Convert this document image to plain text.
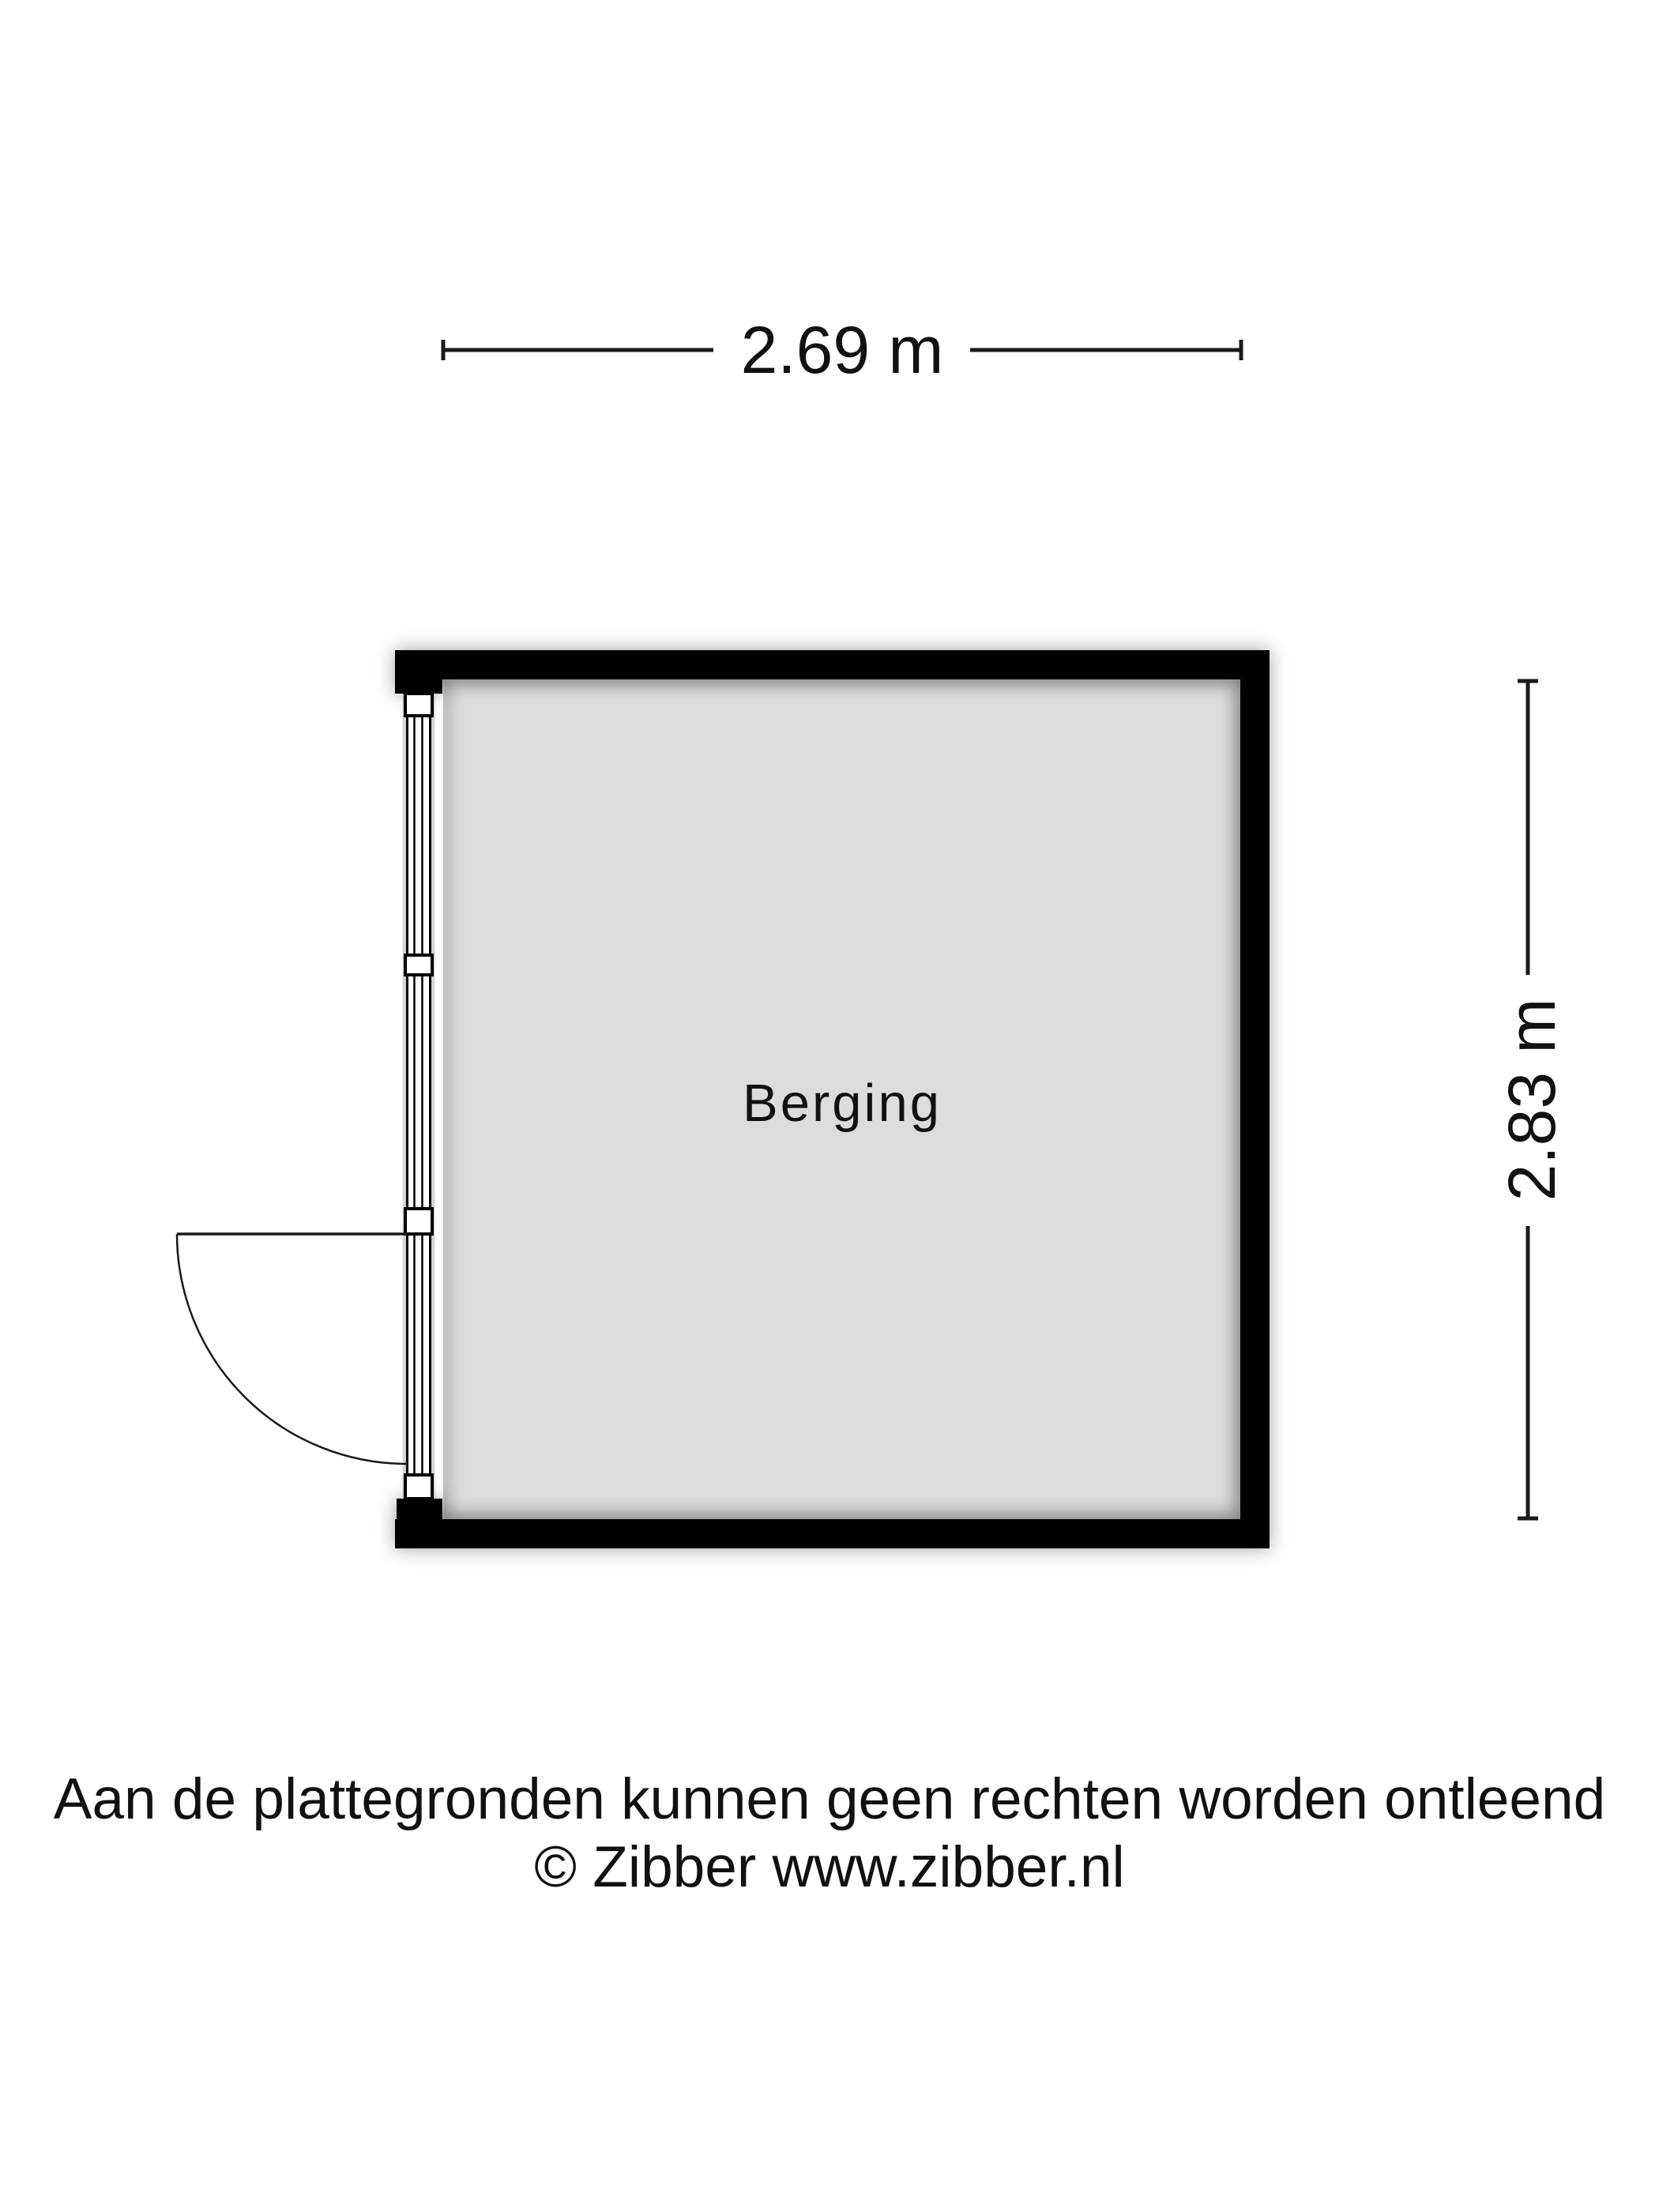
2.69 m
2.83 m
Berging
Aan de plattegronden kunnen geen rechten worden ontleend
© Zibber www.zibber.nl
